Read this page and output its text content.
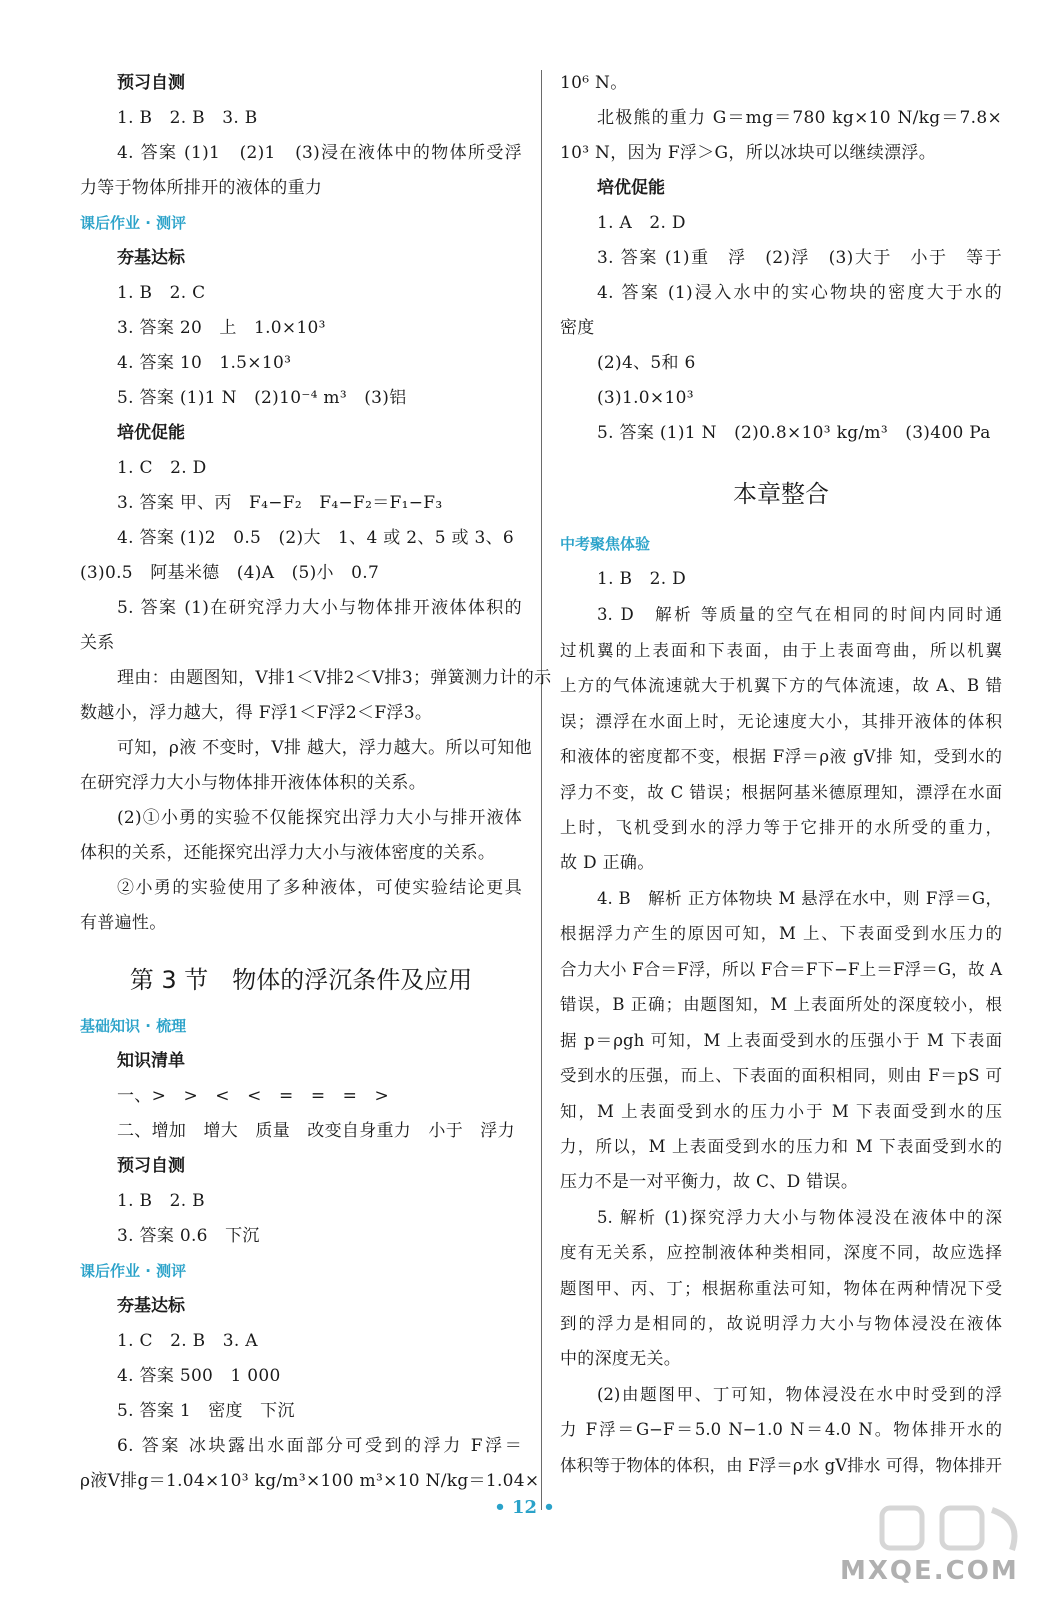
预习自测
1. B　2. B　3. B
4. 答案 (1)1　(2)1　(3)浸在液体中的物体所受浮
力等于物体所排开的液体的重力
课后作业 · 测评
夯基达标
1. B　2. C
3. 答案 20　上　1.0×10³
4. 答案 10　1.5×10³
5. 答案 (1)1 N　(2)10⁻⁴ m³　(3)铝
培优促能
1. C　2. D
3. 答案 甲、丙　F₄−F₂　F₄−F₂＝F₁−F₃
4. 答案 (1)2　0.5　(2)大　1、4 或 2、5 或 3、6
(3)0.5　阿基米德　(4)A　(5)小　0.7
5. 答案 (1)在研究浮力大小与物体排开液体体积的
关系
理由：由题图知，V排1＜V排2＜V排3；弹簧测力计的示
数越小，浮力越大，得 F浮1＜F浮2＜F浮3。
可知，ρ液 不变时，V排 越大，浮力越大。所以可知他
在研究浮力大小与物体排开液体体积的关系。
(2)①小勇的实验不仅能探究出浮力大小与排开液体
体积的关系，还能探究出浮力大小与液体密度的关系。
②小勇的实验使用了多种液体，可使实验结论更具
有普遍性。
第 3 节　物体的浮沉条件及应用
基础知识 · 梳理
知识清单
一、>　>　<　<　=　=　=　>
二、增加　增大　质量　改变自身重力　小于　浮力
预习自测
1. B　2. B
3. 答案 0.6　下沉
课后作业 · 测评
夯基达标
1. C　2. B　3. A
4. 答案 500　1 000
5. 答案 1　密度　下沉
6. 答案 冰块露出水面部分可受到的浮力 F浮＝
ρ液V排g＝1.04×10³ kg/m³×100 m³×10 N/kg＝1.04×
10⁶ N。
北极熊的重力 G＝mg＝780 kg×10 N/kg＝7.8×
10³ N，因为 F浮＞G，所以冰块可以继续漂浮。
培优促能
1. A　2. D
3. 答案 (1)重　浮　(2)浮　(3)大于　小于　等于
4. 答案 (1)浸入水中的实心物块的密度大于水的
密度
(2)4、5和 6
(3)1.0×10³
5. 答案 (1)1 N　(2)0.8×10³ kg/m³　(3)400 Pa
本章整合
中考聚焦体验
1. B　2. D
3. D　解析 等质量的空气在相同的时间内同时通
过机翼的上表面和下表面，由于上表面弯曲，所以机翼
上方的气体流速就大于机翼下方的气体流速，故 A、B 错
误；漂浮在水面上时，无论速度大小，其排开液体的体积
和液体的密度都不变，根据 F浮＝ρ液 gV排 知，受到水的
浮力不变，故 C 错误；根据阿基米德原理知，漂浮在水面
上时，飞机受到水的浮力等于它排开的水所受的重力，
故 D 正确。
4. B　解析 正方体物块 M 悬浮在水中，则 F浮＝G，
根据浮力产生的原因可知，M 上、下表面受到水压力的
合力大小 F合＝F浮，所以 F合＝F下−F上＝F浮＝G，故 A
错误，B 正确；由题图知，M 上表面所处的深度较小，根
据 p＝ρgh 可知，M 上表面受到水的压强小于 M 下表面
受到水的压强，而上、下表面的面积相同，则由 F＝pS 可
知，M 上表面受到水的压力小于 M 下表面受到水的压
力，所以，M 上表面受到水的压力和 M 下表面受到水的
压力不是一对平衡力，故 C、D 错误。
5. 解析 (1)探究浮力大小与物体浸没在液体中的深
度有无关系，应控制液体种类相同，深度不同，故应选择
题图甲、丙、丁；根据称重法可知，物体在两种情况下受
到的浮力是相同的，故说明浮力大小与物体浸没在液体
中的深度无关。
(2)由题图甲、丁可知，物体浸没在水中时受到的浮
力 F浮＝G−F＝5.0 N−1.0 N＝4.0 N。物体排开水的
体积等于物体的体积，由 F浮＝ρ水 gV排水 可得，物体排开
• 12 •
MXQE.COM
